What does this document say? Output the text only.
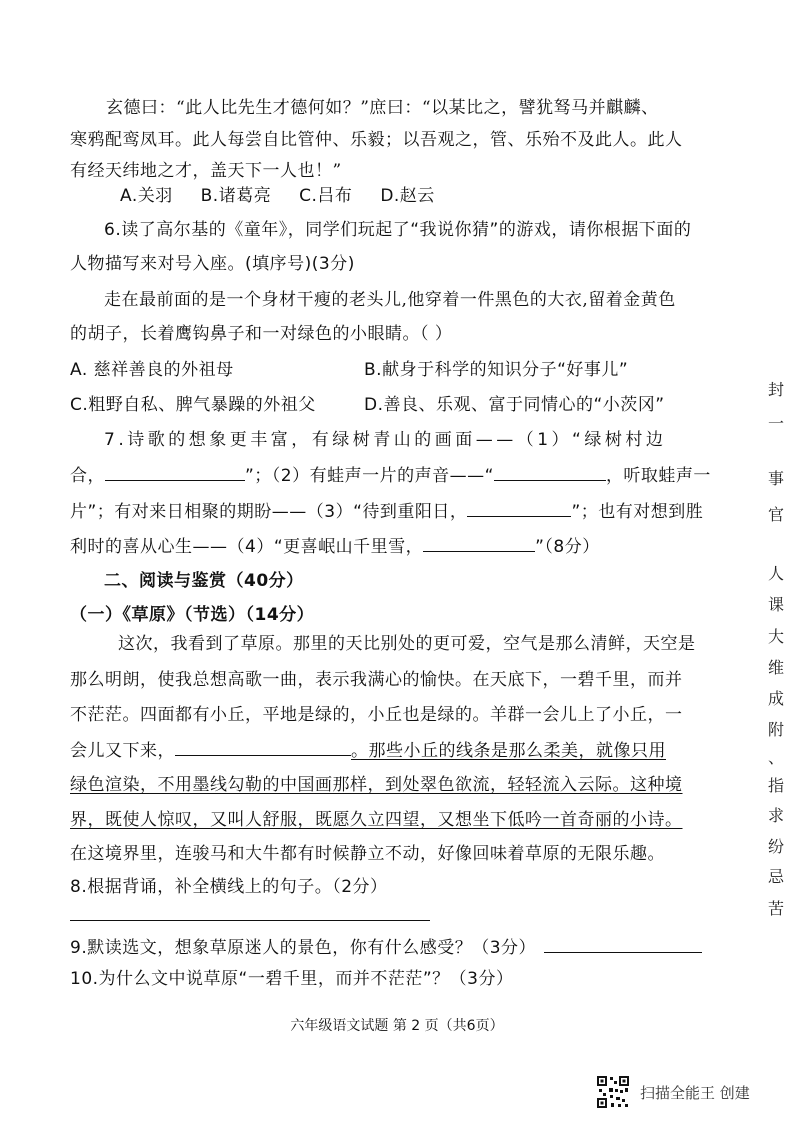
玄德曰：“此人比先生才德何如？”庶曰：“以某比之，譬犹驽马并麒麟、
寒鸦配鸾凤耳。此人每尝自比管仲、乐毅；以吾观之，管、乐殆不及此人。此人
有经天纬地之才，盖天下一人也！”
A.关羽 B.诸葛亮 C.吕布 D.赵云
6.读了高尔基的《童年》，同学们玩起了“我说你猜”的游戏，请你根据下面的
人物描写来对号入座。(填序号)(3分)
走在最前面的是一个身材干瘦的老头儿,他穿着一件黑色的大衣,留着金黄色
的胡子，长着鹰钩鼻子和一对绿色的小眼睛。（ ）
A. 慈祥善良的外祖母	B.献身于科学的知识分子“好事儿”
C.粗野自私、脾气暴躁的外祖父	D.善良、乐观、富于同情心的“小茨冈”
7.诗歌的想象更丰富，有绿树青山的画面——（1）“绿树村边
合，	”；（2）有蛙声一片的声音——“	，听取蛙声一
片”；有对来日相聚的期盼——（3）“待到重阳日，	”；也有对想到胜
利时的喜从心生——（4）“更喜岷山千里雪，	”（8分）
二、阅读与鉴赏（40分）
（一）《草原》（节选）（14分）
这次，我看到了草原。那里的天比别处的更可爱，空气是那么清鲜，天空是
那么明朗，使我总想高歌一曲，表示我满心的愉快。在天底下，一碧千里，而并
不茫茫。四面都有小丘，平地是绿的，小丘也是绿的。羊群一会儿上了小丘，一
会儿又下来，	。那些小丘的线条是那么柔美，就像只用
绿色渲染，不用墨线勾勒的中国画那样，到处翠色欲流，轻轻流入云际。这种境
界，既使人惊叹，又叫人舒服，既愿久立四望，又想坐下低吟一首奇丽的小诗。
在这境界里，连骏马和大牛都有时候静立不动，好像回味着草原的无限乐趣。
8.根据背诵，补全横线上的句子。（2分）
9.默读选文，想象草原迷人的景色，你有什么感受？（3分）
10.为什么文中说草原“一碧千里，而并不茫茫”？（3分）
六年级语文试题 第 2 页（共6页）
封
一
事
官
人
课
大
维
成
附
、
指
求
纷
忌
苦
扫描全能王 创建
